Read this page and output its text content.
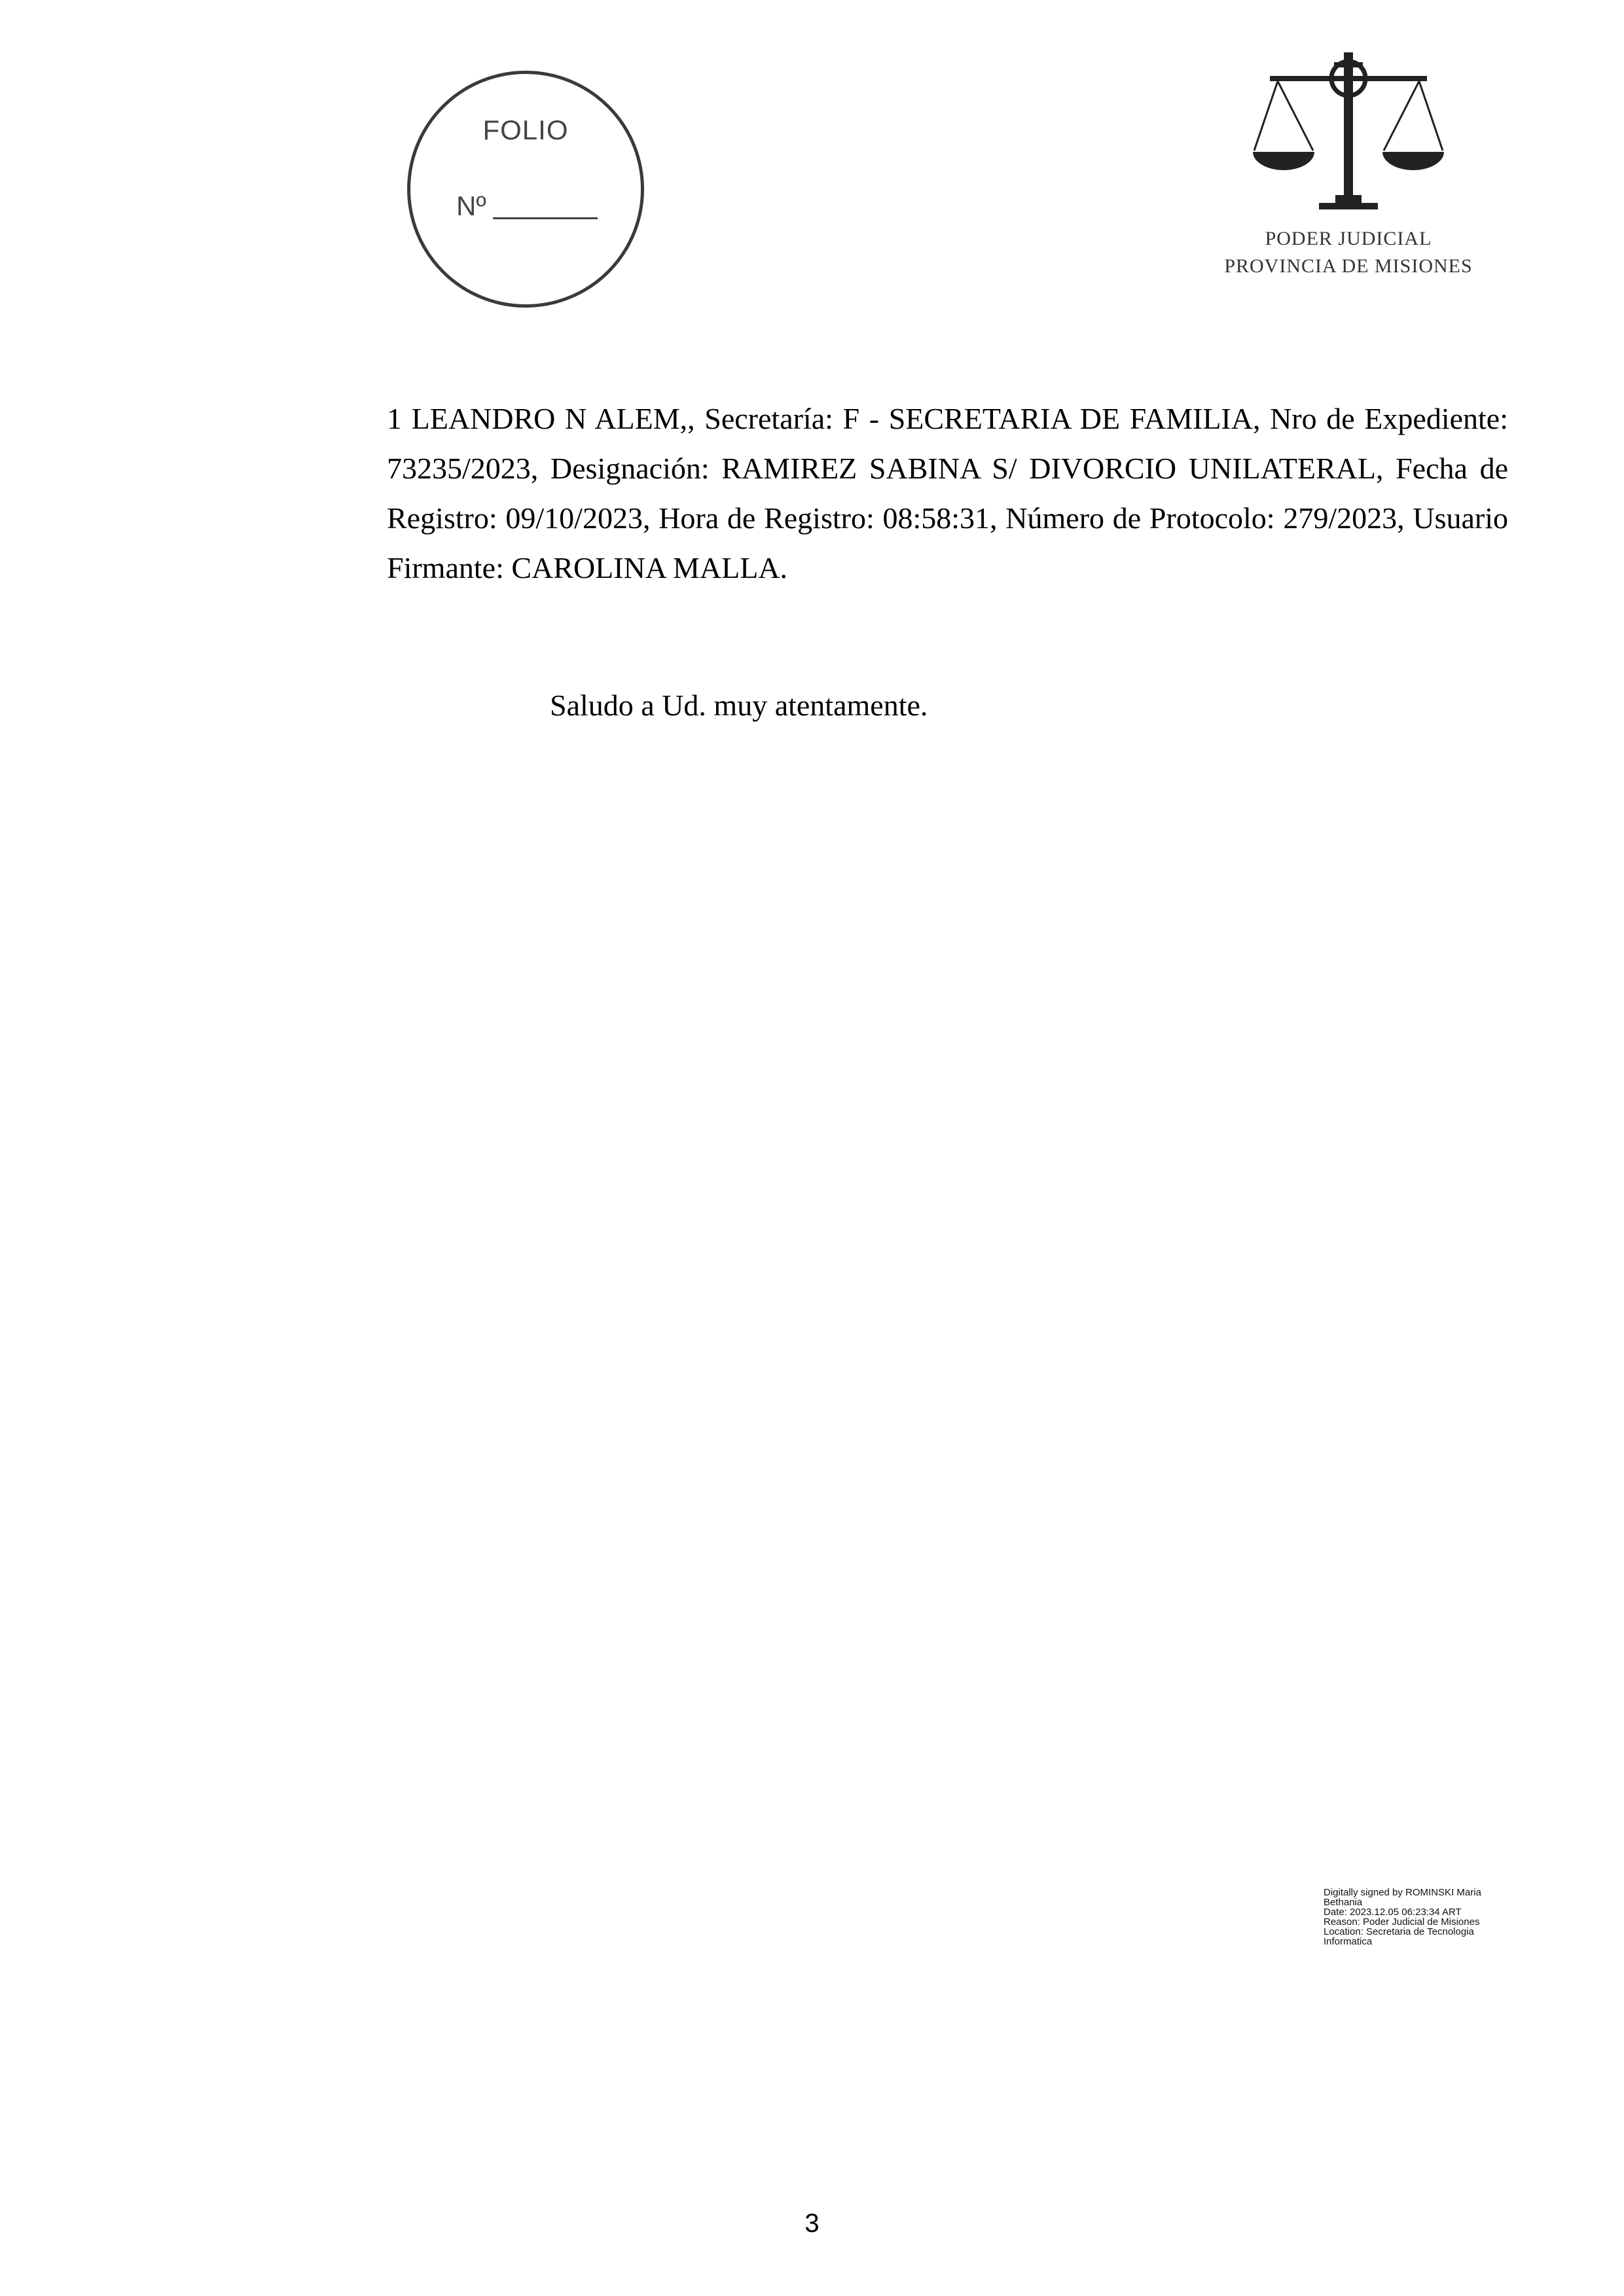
FOLIO
Nº
PODER JUDICIAL
PROVINCIA DE MISIONES
1 LEANDRO N ALEM,, Secretaría: F - SECRETARIA DE FAMILIA, Nro de Expediente: 73235/2023, Designación: RAMIREZ SABINA S/ DIVORCIO UNILATERAL, Fecha de Registro: 09/10/2023, Hora de Registro: 08:58:31, Número de Protocolo: 279/2023, Usuario Firmante: CAROLINA MALLA.
Saludo a Ud. muy atentamente.
Digitally signed by ROMINSKI Maria
Bethania
Date: 2023.12.05 06:23:34 ART
Reason: Poder Judicial de Misiones
Location: Secretaria de Tecnologia
Informatica
3
